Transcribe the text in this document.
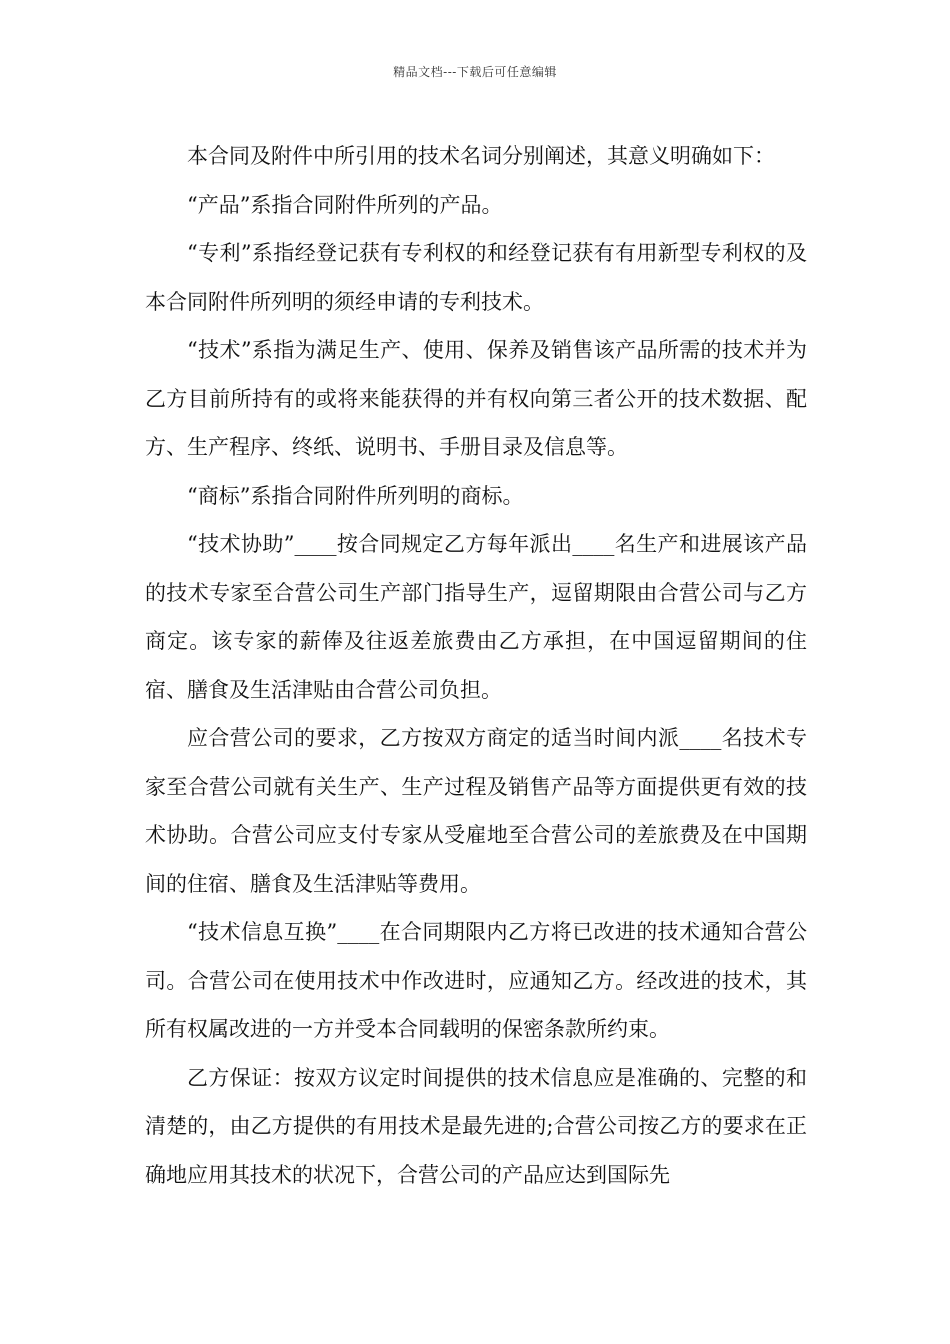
精品文档---下载后可任意编辑

本合同及附件中所引用的技术名词分别阐述，其意义明确如下：

“产品”系指合同附件所列的产品。

“专利”系指经登记获有专利权的和经登记获有有用新型专利权的及本合同附件所列明的须经申请的专利技术。

“技术”系指为满足生产、使用、保养及销售该产品所需的技术并为乙方目前所持有的或将来能获得的并有权向第三者公开的技术数据、配方、生产程序、终纸、说明书、手册目录及信息等。

“商标”系指合同附件所列明的商标。

“技术协助”____按合同规定乙方每年派出____名生产和进展该产品的技术专家至合营公司生产部门指导生产，逗留期限由合营公司与乙方商定。该专家的薪俸及往返差旅费由乙方承担，在中国逗留期间的住宿、膳食及生活津贴由合营公司负担。

应合营公司的要求，乙方按双方商定的适当时间内派____名技术专家至合营公司就有关生产、生产过程及销售产品等方面提供更有效的技术协助。合营公司应支付专家从受雇地至合营公司的差旅费及在中国期间的住宿、膳食及生活津贴等费用。

“技术信息互换”____在合同期限内乙方将已改进的技术通知合营公司。合营公司在使用技术中作改进时，应通知乙方。经改进的技术，其所有权属改进的一方并受本合同载明的保密条款所约束。

乙方保证：按双方议定时间提供的技术信息应是准确的、完整的和清楚的，由乙方提供的有用技术是最先进的;合营公司按乙方的要求在正确地应用其技术的状况下，合营公司的产品应达到国际先
